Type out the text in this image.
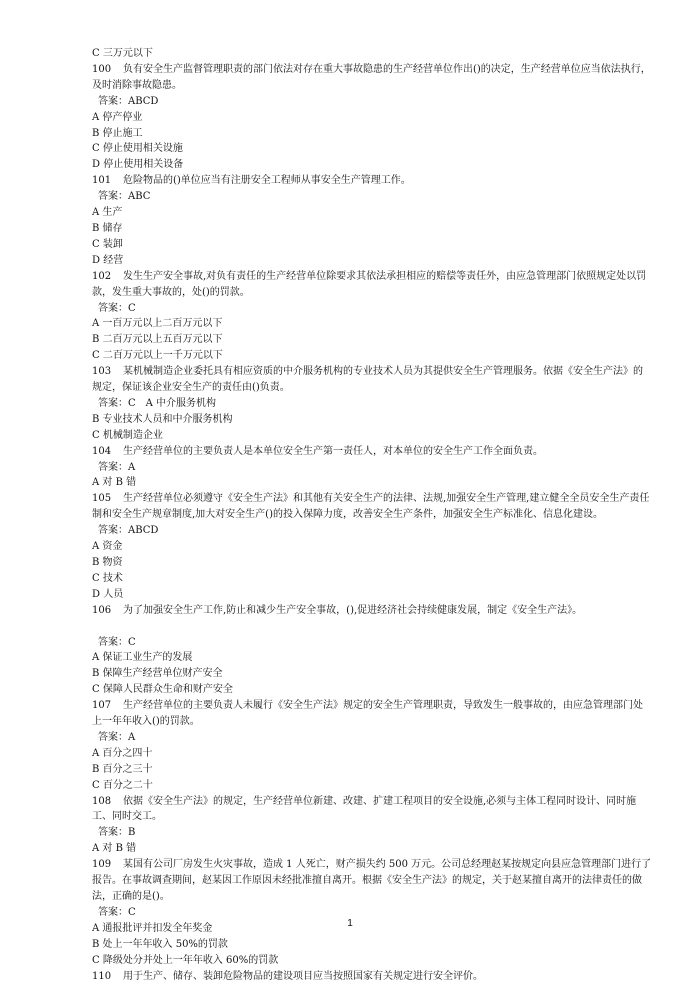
C 三万元以下
100 负有安全生产监督管理职责的部门依法对存在重大事故隐患的生产经营单位作出()的决定，生产经营单位应当依法执行，及时消除事故隐患。
答案：ABCD
A 停产停业
B 停止施工
C 停止使用相关设施
D 停止使用相关设备
101 危险物品的()单位应当有注册安全工程师从事安全生产管理工作。
答案：ABC
A 生产
B 储存
C 装卸
D 经营
102 发生生产安全事故,对负有责任的生产经营单位除要求其依法承担相应的赔偿等责任外，由应急管理部门依照规定处以罚款，发生重大事故的，处()的罚款。
答案：C
A 一百万元以上二百万元以下
B 二百万元以上五百万元以下
C 二百万元以上一千万元以下
103 某机械制造企业委托具有相应资质的中介服务机构的专业技术人员为其提供安全生产管理服务。依据《安全生产法》的规定，保证该企业安全生产的责任由()负责。
答案：C　A 中介服务机构
B 专业技术人员和中介服务机构
C 机械制造企业
104 生产经营单位的主要负责人是本单位安全生产第一责任人，对本单位的安全生产工作全面负责。
答案：A
A 对 B 错
105 生产经营单位必须遵守《安全生产法》和其他有关安全生产的法律、法规,加强安全生产管理,建立健全全员安全生产责任制和安全生产规章制度,加大对安全生产()的投入保障力度，改善安全生产条件，加强安全生产标准化、信息化建设。
答案：ABCD
A 资金
B 物资
C 技术
D 人员
106 为了加强安全生产工作,防止和减少生产安全事故，(),促进经济社会持续健康发展，制定《安全生产法》。
答案：C
A 保证工业生产的发展
B 保障生产经营单位财产安全
C 保障人民群众生命和财产安全
107 生产经营单位的主要负责人未履行《安全生产法》规定的安全生产管理职责，导致发生一般事故的，由应急管理部门处上一年年收入()的罚款。
答案：A
A 百分之四十
B 百分之三十
C 百分之二十
108 依据《安全生产法》的规定，生产经营单位新建、改建、扩建工程项目的安全设施,必须与主体工程同时设计、同时施工、同时交工。
答案：B
A 对 B 错
109 某国有公司厂房发生火灾事故，造成 1 人死亡，财产损失约 500 万元。公司总经理赵某按规定向县应急管理部门进行了报告。在事故调查期间，赵某因工作原因未经批准擅自离开。根据《安全生产法》的规定，关于赵某擅自离开的法律责任的做法，正确的是()。
答案：C
A 通报批评并扣发全年奖金
B 处上一年年收入 50%的罚款
C 降级处分并处上一年年收入 60%的罚款
110 用于生产、储存、装卸危险物品的建设项目应当按照国家有关规定进行安全评价。
1
